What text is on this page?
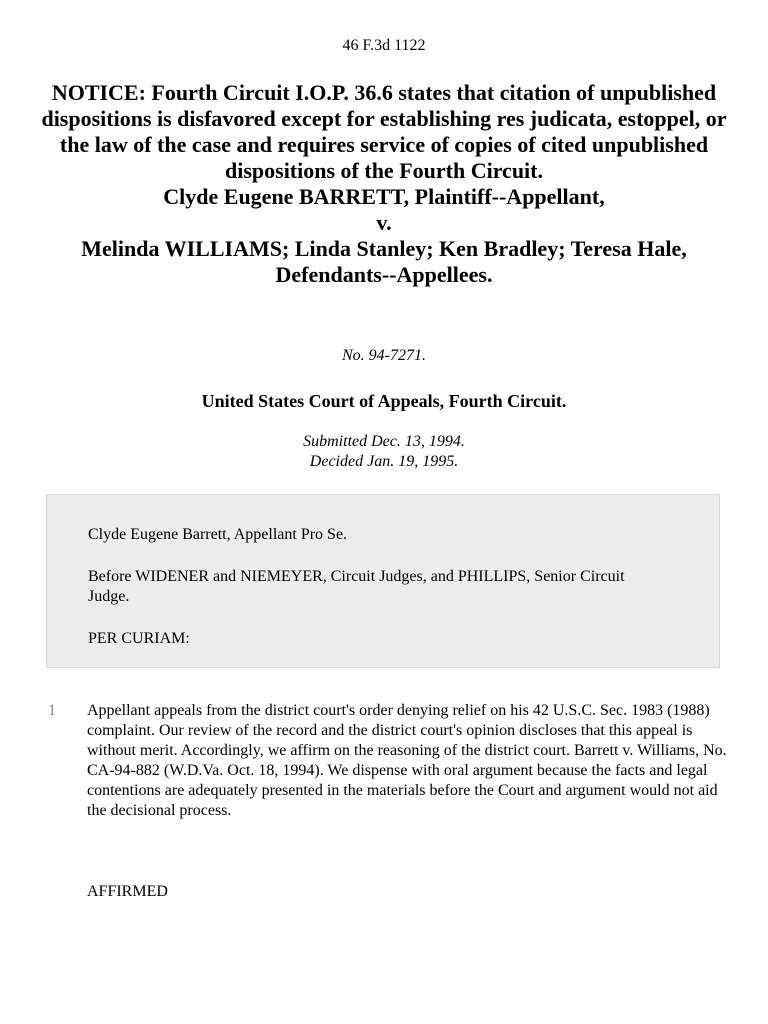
46 F.3d 1122
NOTICE: Fourth Circuit I.O.P. 36.6 states that citation of unpublished dispositions is disfavored except for establishing res judicata, estoppel, or the law of the case and requires service of copies of cited unpublished dispositions of the Fourth Circuit.
Clyde Eugene BARRETT, Plaintiff--Appellant,
v.
Melinda WILLIAMS; Linda Stanley; Ken Bradley; Teresa Hale, Defendants--Appellees.
No. 94-7271.
United States Court of Appeals, Fourth Circuit.
Submitted Dec. 13, 1994.
Decided Jan. 19, 1995.

Clyde Eugene Barrett, Appellant Pro Se.

Before WIDENER and NIEMEYER, Circuit Judges, and PHILLIPS, Senior Circuit Judge.

PER CURIAM:

1 Appellant appeals from the district court's order denying relief on his 42 U.S.C. Sec. 1983 (1988) complaint. Our review of the record and the district court's opinion discloses that this appeal is without merit. Accordingly, we affirm on the reasoning of the district court. Barrett v. Williams, No. CA-94-882 (W.D.Va. Oct. 18, 1994). We dispense with oral argument because the facts and legal contentions are adequately presented in the materials before the Court and argument would not aid the decisional process.
AFFIRMED
